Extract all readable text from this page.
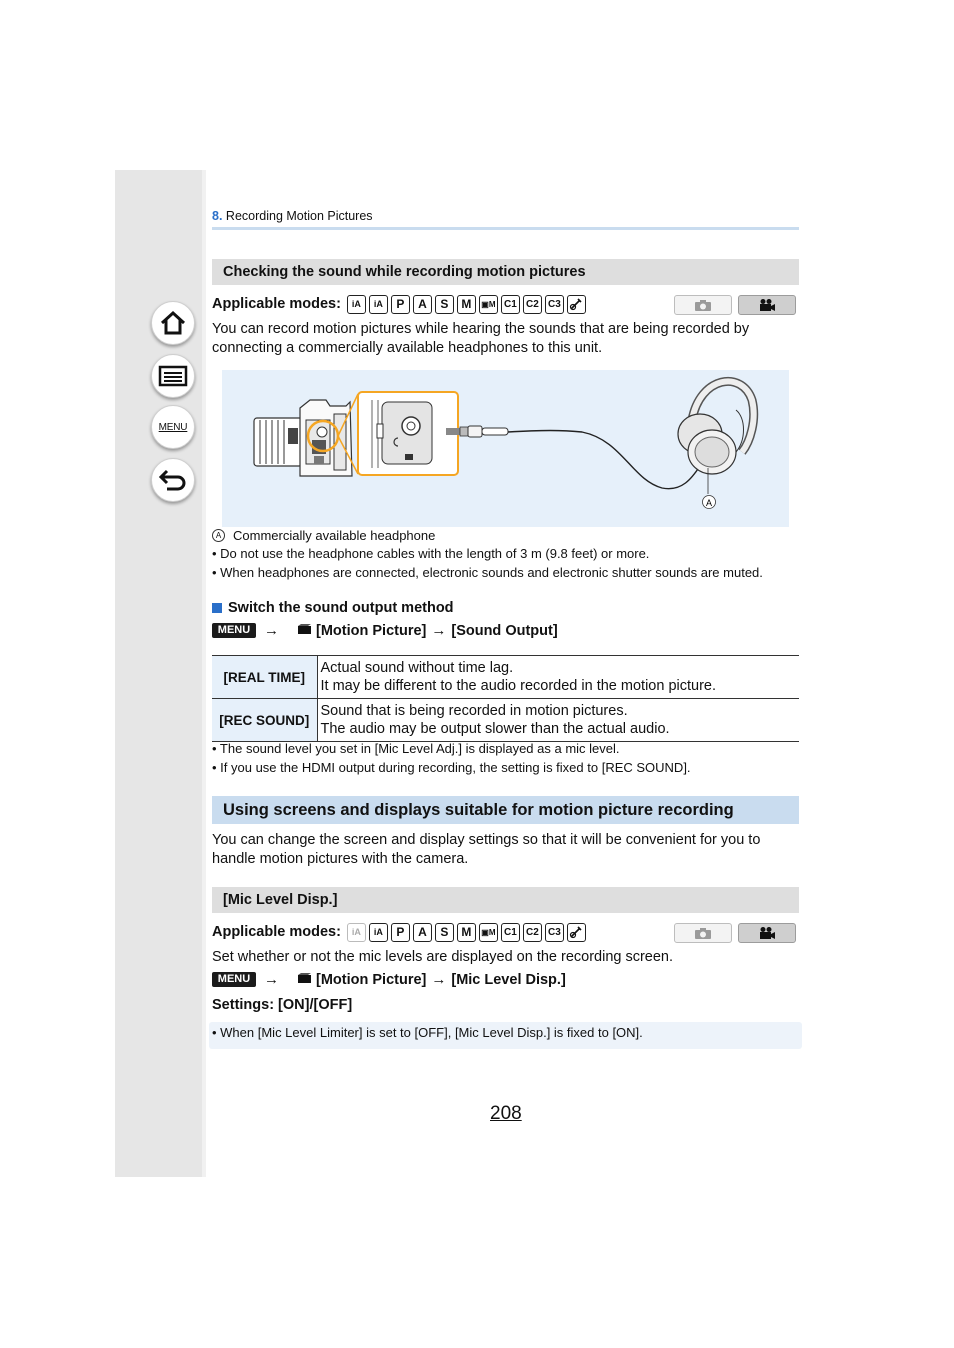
MENU
8. Recording Motion Pictures
Checking the sound while recording motion pictures
Applicable modes:	iA	iA	P	A	S	M	▣M C1 C2 C3
You can record motion pictures while hearing the sounds that are being recorded by connecting a commercially available headphones to this unit.
A
A Commercially available headphone
• Do not use the headphone cables with the length of 3 m (9.8 feet) or more.
• When headphones are connected, electronic sounds and electronic shutter sounds are muted.
Switch the sound output method
MENU →	[Motion Picture] → [Sound Output]
[REAL TIME]	Actual sound without time lag.
It may be different to the audio recorded in the motion picture.

[REC SOUND]	Sound that is being recorded in motion pictures.
The audio may be output slower than the actual audio.
• The sound level you set in [Mic Level Adj.] is displayed as a mic level.
• If you use the HDMI output during recording, the setting is fixed to [REC SOUND].
Using screens and displays suitable for motion picture recording
You can change the screen and display settings so that it will be convenient for you to handle motion pictures with the camera.
[Mic Level Disp.]
Applicable modes:	iA	iA	P	A	S	M	▣M C1 C2 C3
Set whether or not the mic levels are displayed on the recording screen.
MENU →	[Motion Picture] → [Mic Level Disp.]
Settings: [ON]/[OFF]
• When [Mic Level Limiter] is set to [OFF], [Mic Level Disp.] is fixed to [ON].
208
